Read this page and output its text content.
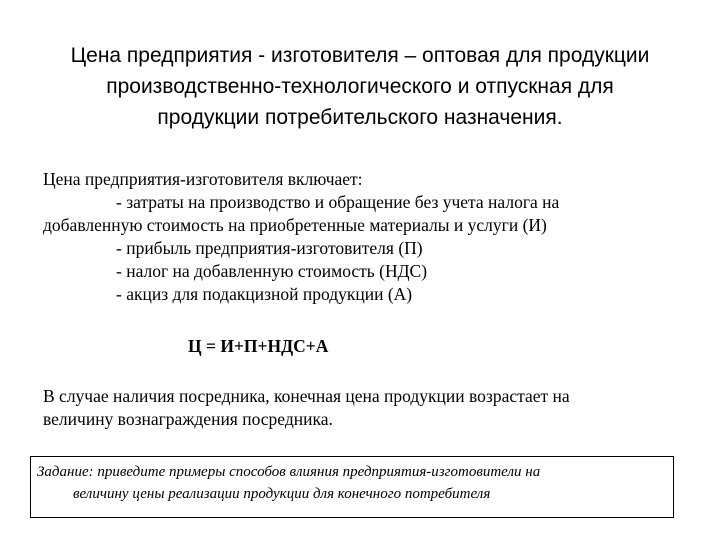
Цена предприятия - изготовителя – оптовая для продукции
производственно-технологического и отпускная для
продукции потребительского назначения.
Цена предприятия-изготовителя включает:
- затраты на производство и обращение без учета налога на
добавленную стоимость на приобретенные материалы и услуги (И)
- прибыль предприятия-изготовителя (П)
- налог на добавленную стоимость (НДС)
- акциз для подакцизной продукции (А)
Ц = И+П+НДС+А
В случае наличия посредника, конечная цена продукции возрастает на
величину вознаграждения посредника.
Задание: приведите примеры способов влияния предприятия-изготовители на
величину цены реализации продукции для конечного потребителя
